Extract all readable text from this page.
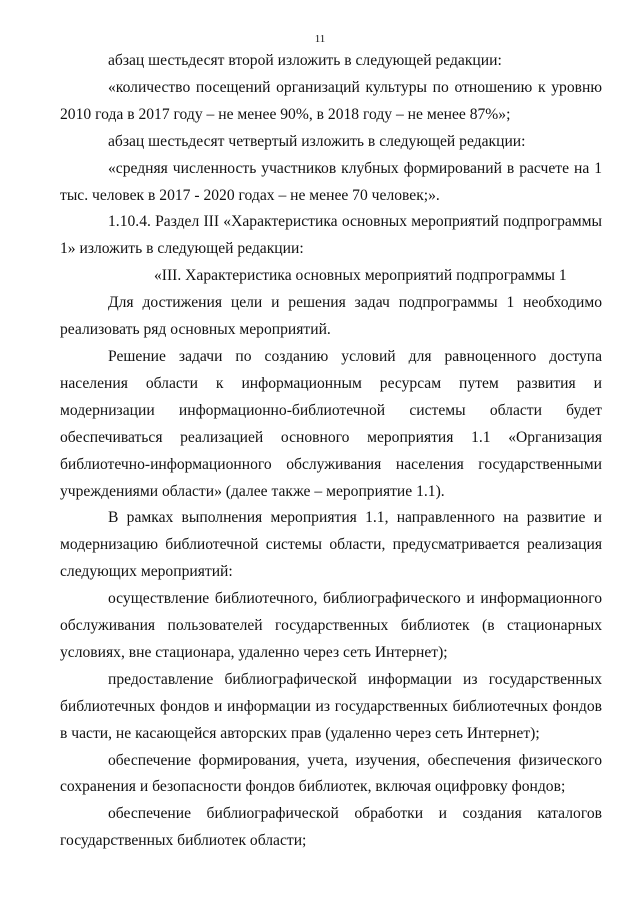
11

абзац шестьдесят второй изложить в следующей редакции:

«количество посещений организаций культуры по отношению к уровню 2010 года в 2017 году – не менее 90%, в 2018 году – не менее 87%»;

абзац шестьдесят четвертый изложить в следующей редакции:

«средняя численность участников клубных формирований в расчете на 1 тыс. человек в 2017 - 2020 годах – не менее 70 человек;».

1.10.4. Раздел III «Характеристика основных мероприятий подпрограммы 1» изложить в следующей редакции:

«III. Характеристика основных мероприятий подпрограммы 1

Для достижения цели и решения задач подпрограммы 1 необходимо реализовать ряд основных мероприятий.

Решение задачи по созданию условий для равноценного доступа населения области к информационным ресурсам путем развития и модернизации информационно-библиотечной системы области будет обеспечиваться реализацией основного мероприятия 1.1 «Организация библиотечно-информационного обслуживания населения государственными учреждениями области» (далее также – мероприятие 1.1).

В рамках выполнения мероприятия 1.1, направленного на развитие и модернизацию библиотечной системы области, предусматривается реализация следующих мероприятий:

осуществление библиотечного, библиографического и информационного обслуживания пользователей государственных библиотек (в стационарных условиях, вне стационара, удаленно через сеть Интернет);

предоставление библиографической информации из государственных библиотечных фондов и информации из государственных библиотечных фондов в части, не касающейся авторских прав (удаленно через сеть Интернет);

обеспечение формирования, учета, изучения, обеспечения физического сохранения и безопасности фондов библиотек, включая оцифровку фондов;

обеспечение библиографической обработки и создания каталогов государственных библиотек области;
